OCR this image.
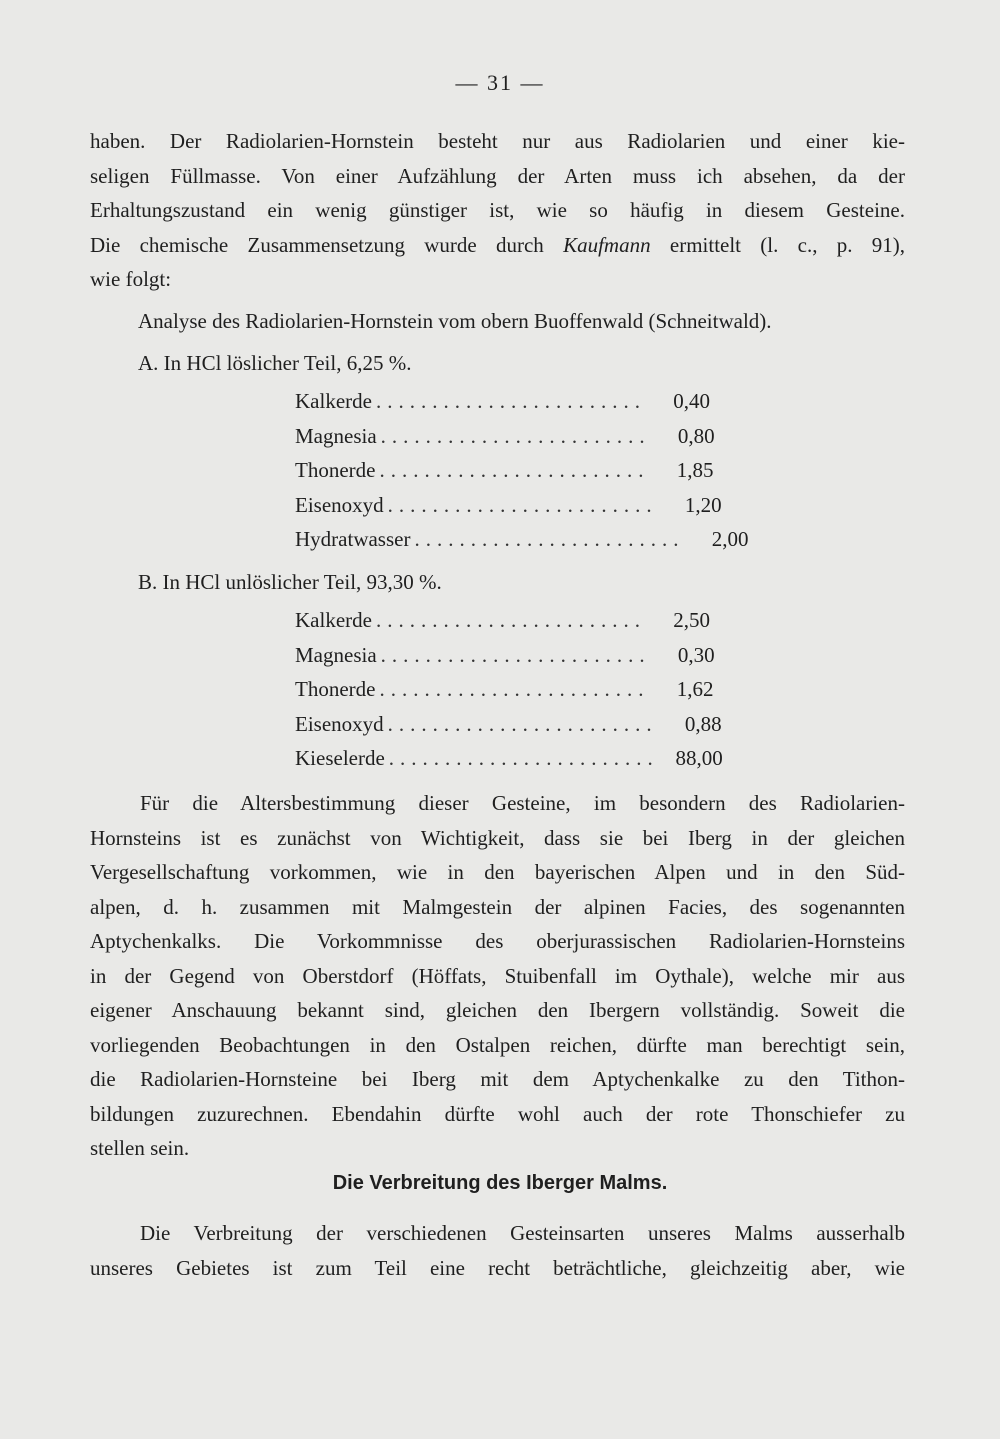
— 31 —
haben. Der Radiolarien-Hornstein besteht nur aus Radiolarien und einer kie-
seligen Füllmasse. Von einer Aufzählung der Arten muss ich absehen, da der
Erhaltungszustand ein wenig günstiger ist, wie so häufig in diesem Gesteine.
Die chemische Zusammensetzung wurde durch Kaufmann ermittelt (l. c., p. 91),
wie folgt:
Analyse des Radiolarien-Hornstein vom obern Buoffenwald (Schneitwald).
A. In HCl löslicher Teil, 6,25 %.
Kalkerde ........................	0,40
Magnesia ........................	0,80
Thonerde ........................	1,85
Eisenoxyd ........................	1,20
Hydratwasser ........................	2,00
B. In HCl unlöslicher Teil, 93,30 %.
Kalkerde ........................	2,50
Magnesia ........................	0,30
Thonerde ........................	1,62
Eisenoxyd ........................	0,88
Kieselerde ........................ 88,00
Für die Altersbestimmung dieser Gesteine, im besondern des Radiolarien-
Hornsteins ist es zunächst von Wichtigkeit, dass sie bei Iberg in der gleichen
Vergesellschaftung vorkommen, wie in den bayerischen Alpen und in den Süd-
alpen, d. h. zusammen mit Malmgestein der alpinen Facies, des sogenannten
Aptychenkalks. Die Vorkommnisse des oberjurassischen Radiolarien-Hornsteins
in der Gegend von Oberstdorf (Höffats, Stuibenfall im Oythale), welche mir aus
eigener Anschauung bekannt sind, gleichen den Ibergern vollständig. Soweit die
vorliegenden Beobachtungen in den Ostalpen reichen, dürfte man berechtigt sein,
die Radiolarien-Hornsteine bei Iberg mit dem Aptychenkalke zu den Tithon-
bildungen zuzurechnen. Ebendahin dürfte wohl auch der rote Thonschiefer zu
stellen sein.
Die Verbreitung des Iberger Malms.
Die Verbreitung der verschiedenen Gesteinsarten unseres Malms ausserhalb
unseres Gebietes ist zum Teil eine recht beträchtliche, gleichzeitig aber, wie
